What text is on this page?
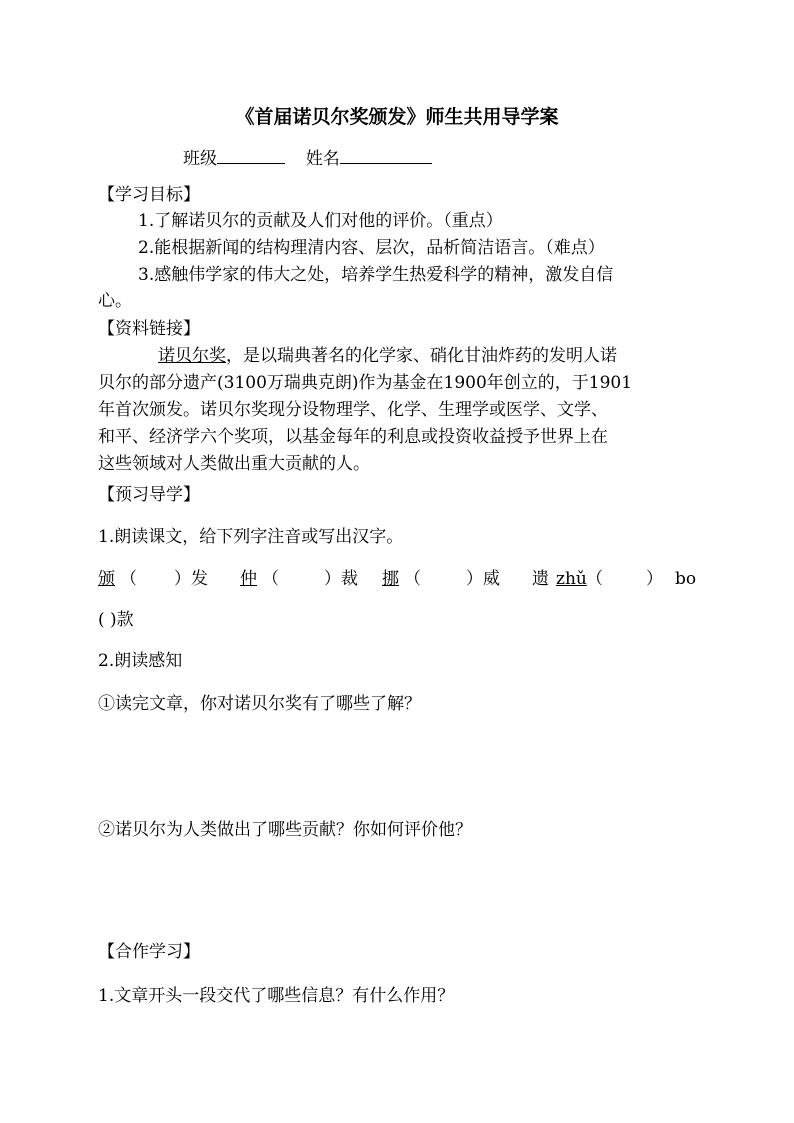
《首届诺贝尔奖颁发》师生共用导学案
班级	姓名
【学习目标】
1.了解诺贝尔的贡献及人们对他的评价。（重点）
2.能根据新闻的结构理清内容、层次，品析简洁语言。（难点）
3.感触伟学家的伟大之处，培养学生热爱科学的精神，激发自信
心。
【资料链接】
诺贝尔奖，是以瑞典著名的化学家、硝化甘油炸药的发明人诺
贝尔的部分遗产(3100万瑞典克朗)作为基金在1900年创立的，于1901
年首次颁发。诺贝尔奖现分设物理学、化学、生理学或医学、文学、
和平、经济学六个奖项，以基金每年的利息或投资收益授予世界上在
这些领域对人类做出重大贡献的人。
【预习导学】
1.朗读课文，给下列字注音或写出汉字。
颁 （ ）发 仲 （	）裁 挪 （	）威 遗 zhǔ （	） bo
( )款
2.朗读感知
①读完文章，你对诺贝尔奖有了哪些了解？
②诺贝尔为人类做出了哪些贡献？你如何评价他？
【合作学习】
1.文章开头一段交代了哪些信息？有什么作用？
